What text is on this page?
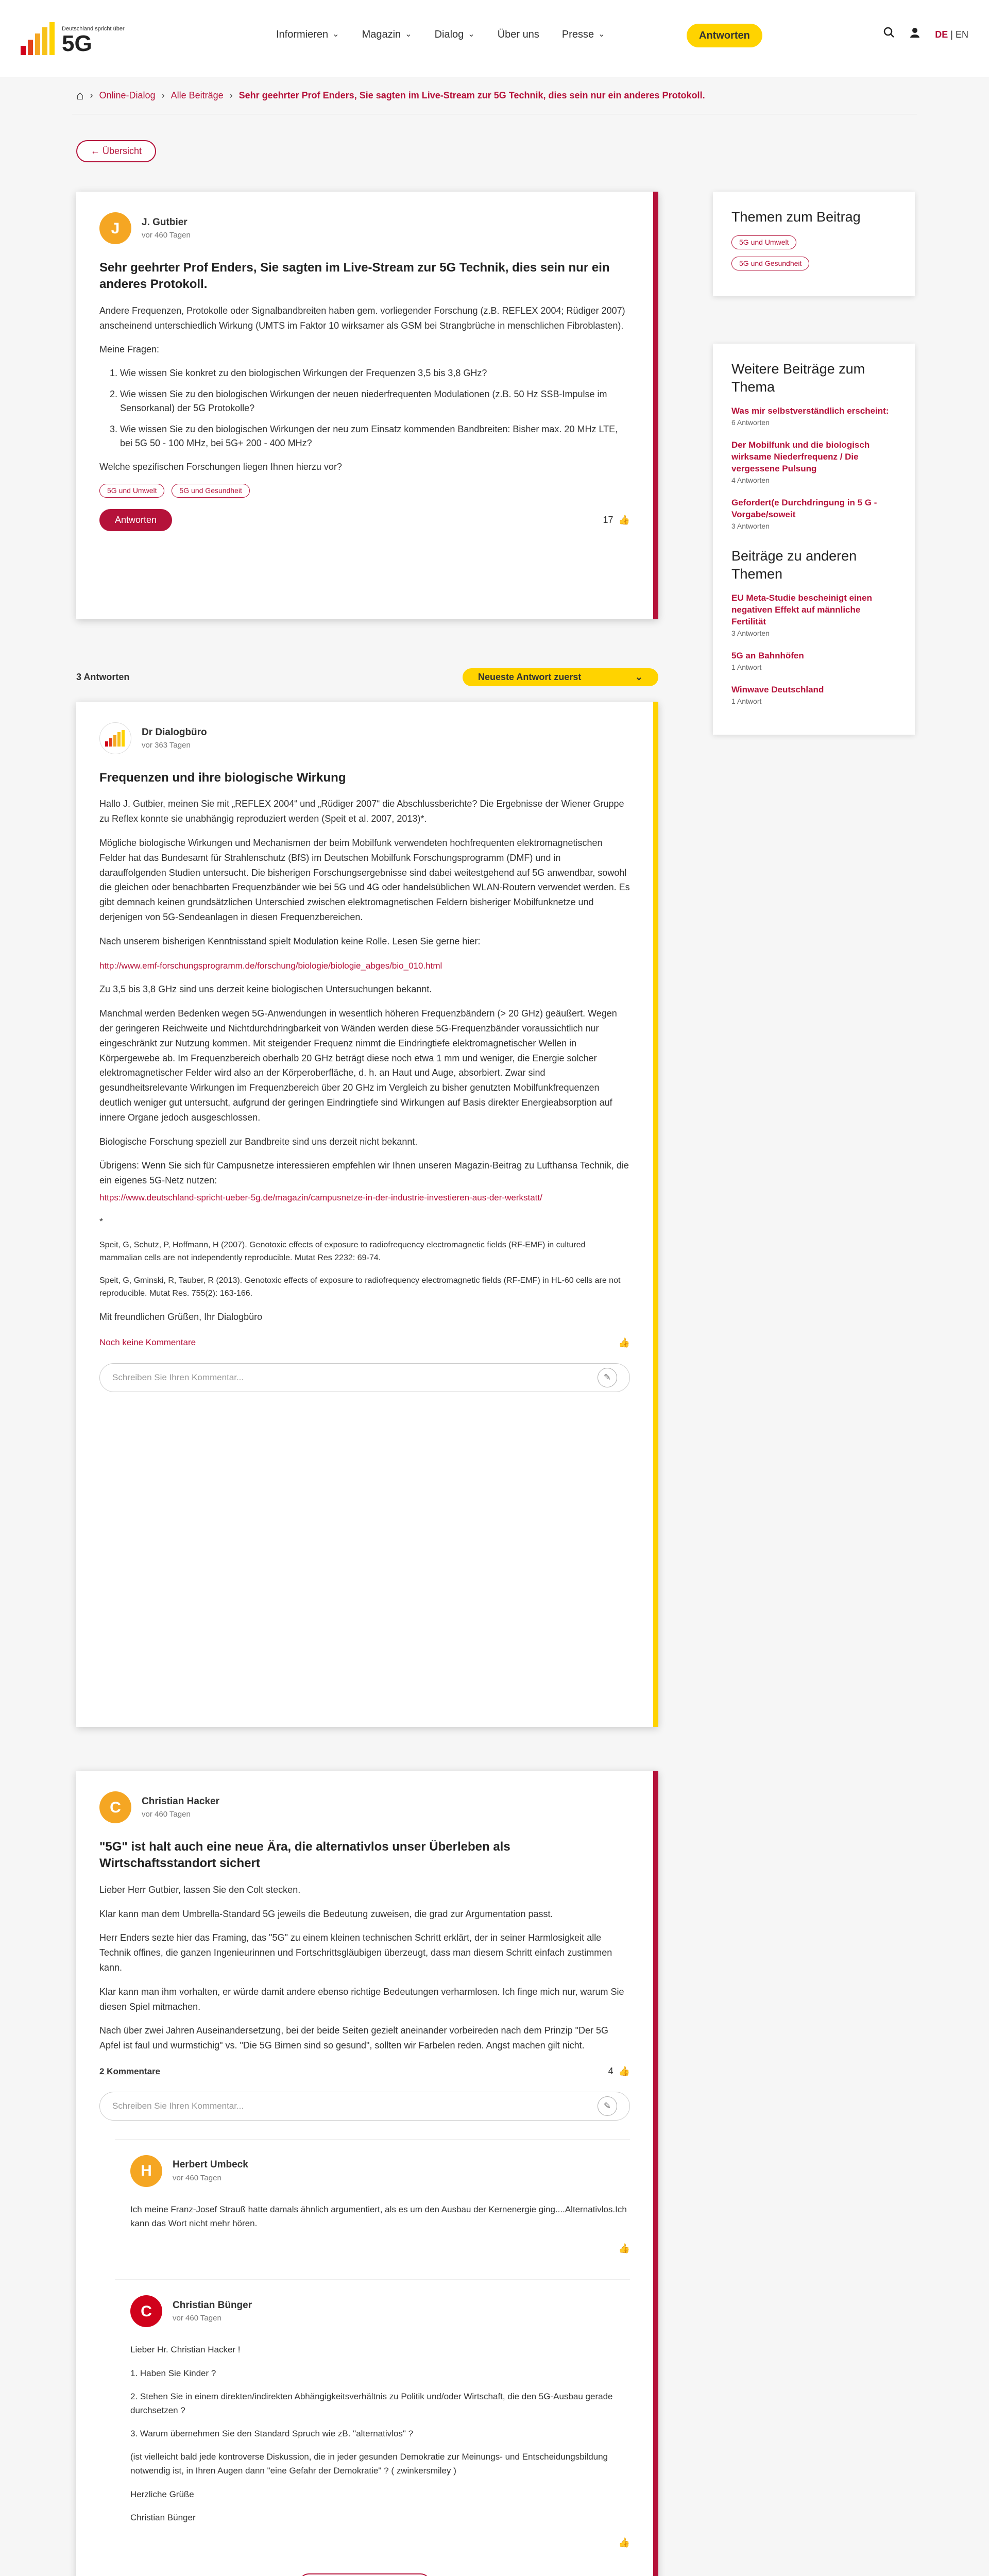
Deutschland spricht über
5G	Informieren ⌄ Magazin ⌄ Dialog ⌄ Über uns Presse ⌄	Antworten	DE | EN
⌂ › Online-Dialog › Alle Beiträge › Sehr geehrter Prof Enders, Sie sagten im Live-Stream zur 5G Technik, dies sein nur ein anderes Protokoll.
← Übersicht
J	J. Gutbier
vor 460 Tagen
Sehr geehrter Prof Enders, Sie sagten im Live-Stream zur 5G Technik, dies sein nur ein anderes Protokoll.

Andere Frequenzen, Protokolle oder Signalbandbreiten haben gem. vorliegender Forschung (z.B. REFLEX 2004; Rüdiger 2007) anscheinend unterschiedlich Wirkung (UMTS im Faktor 10 wirksamer als GSM bei Strangbrüche in menschlichen Fibroblasten).

Meine Fragen:

1. Wie wissen Sie konkret zu den biologischen Wirkungen der Frequenzen 3,5 bis 3,8 GHz?
2. Wie wissen Sie zu den biologischen Wirkungen der neuen niederfrequenten Modulationen (z.B. 50 Hz SSB-Impulse im Sensorkanal) der 5G Protokolle?
3. Wie wissen Sie zu den biologischen Wirkungen der neu zum Einsatz kommenden Bandbreiten: Bisher max. 20 MHz LTE, bei 5G 50 - 100 MHz, bei 5G+ 200 - 400 MHz?

Welche spezifischen Forschungen liegen Ihnen hierzu vor?

5G und Umwelt	5G und Gesundheit
Antworten	17 👍
3 Antworten	Neueste Antwort zuerst	⌄
Dr Dialogbüro
vor 363 Tagen
Frequenzen und ihre biologische Wirkung

Hallo J. Gutbier, meinen Sie mit „REFLEX 2004“ und „Rüdiger 2007“ die Abschlussberichte? Die Ergebnisse der Wiener Gruppe zu Reflex konnte sie unabhängig reproduziert werden (Speit et al. 2007, 2013)*.

Mögliche biologische Wirkungen und Mechanismen der beim Mobilfunk verwendeten hochfrequenten elektromagnetischen Felder hat das Bundesamt für Strahlenschutz (BfS) im Deutschen Mobilfunk Forschungsprogramm (DMF) und in darauffolgenden Studien untersucht. Die bisherigen Forschungsergebnisse sind dabei weitestgehend auf 5G anwendbar, sowohl die gleichen oder benachbarten Frequenzbänder wie bei 5G und 4G oder handelsüblichen WLAN-Routern verwendet werden. Es gibt demnach keinen grundsätzlichen Unterschied zwischen elektromagnetischen Feldern bisheriger Mobilfunknetze und derjenigen von 5G-Sendeanlagen in diesen Frequenzbereichen.

Nach unserem bisherigen Kenntnisstand spielt Modulation keine Rolle. Lesen Sie gerne hier:

http://www.emf-forschungsprogramm.de/forschung/biologie/biologie_abges/bio_010.html

Zu 3,5 bis 3,8 GHz sind uns derzeit keine biologischen Untersuchungen bekannt.

Manchmal werden Bedenken wegen 5G-Anwendungen in wesentlich höheren Frequenzbändern (> 20 GHz) geäußert. Wegen der geringeren Reichweite und Nichtdurchdringbarkeit von Wänden werden diese 5G-Frequenzbänder voraussichtlich nur eingeschränkt zur Nutzung kommen. Mit steigender Frequenz nimmt die Eindringtiefe elektromagnetischer Wellen in Körpergewebe ab. Im Frequenzbereich oberhalb 20 GHz beträgt diese noch etwa 1 mm und weniger, die Energie solcher elektromagnetischer Felder wird also an der Körperoberfläche, d. h. an Haut und Auge, absorbiert. Zwar sind gesundheitsrelevante Wirkungen im Frequenzbereich über 20 GHz im Vergleich zu bisher genutzten Mobilfunkfrequenzen deutlich weniger gut untersucht, aufgrund der geringen Eindringtiefe sind Wirkungen auf Basis direkter Energieabsorption auf innere Organe jedoch ausgeschlossen.

Biologische Forschung speziell zur Bandbreite sind uns derzeit nicht bekannt.

Übrigens: Wenn Sie sich für Campusnetze interessieren empfehlen wir Ihnen unseren Magazin-Beitrag zu Lufthansa Technik, die ein eigenes 5G-Netz nutzen:

https://www.deutschland-spricht-ueber-5g.de/magazin/campusnetze-in-der-industrie-investieren-aus-der-werkstatt/

*

Speit, G, Schutz, P, Hoffmann, H (2007). Genotoxic effects of exposure to radiofrequency electromagnetic fields (RF-EMF) in cultured mammalian cells are not independently reproducible. Mutat Res 2232: 69-74.

Speit, G, Gminski, R, Tauber, R (2013). Genotoxic effects of exposure to radiofrequency electromagnetic fields (RF-EMF) in HL-60 cells are not reproducible. Mutat Res. 755(2): 163-166.

Mit freundlichen Grüßen, Ihr Dialogbüro

Noch keine Kommentare	👍
Schreiben Sie Ihren Kommentar...	✎
C	Christian Hacker
vor 460 Tagen
"5G" ist halt auch eine neue Ära, die alternativlos unser Überleben als Wirtschaftsstandort sichert

Lieber Herr Gutbier, lassen Sie den Colt stecken.

Klar kann man dem Umbrella-Standard 5G jeweils die Bedeutung zuweisen, die grad zur Argumentation passt.

Herr Enders sezte hier das Framing, das "5G" zu einem kleinen technischen Schritt erklärt, der in seiner Harmlosigkeit alle Technik offines, die ganzen Ingenieurinnen und Fortschrittsgläubigen überzeugt, dass man diesem Schritt einfach zustimmen kann.

Klar kann man ihm vorhalten, er würde damit andere ebenso richtige Bedeutungen verharmlosen. Ich finge mich nur, warum Sie diesen Spiel mitmachen.

Nach über zwei Jahren Auseinandersetzung, bei der beide Seiten gezielt aneinander vorbeireden nach dem Prinzip "Der 5G Apfel ist faul und wurmstichig" vs. "Die 5G Birnen sind so gesund", sollten wir Farbelen reden. Angst machen gilt nicht.

2 Kommentare	4 👍
Schreiben Sie Ihren Kommentar...	✎
H	Herbert Umbeck
vor 460 Tagen

Ich meine Franz-Josef Strauß hatte damals ähnlich argumentiert, als es um den Ausbau der Kernenergie ging....Alternativlos.Ich kann das Wort nicht mehr hören.

👍
C	Christian Bünger
vor 460 Tagen

Lieber Hr. Christian Hacker !

1. Haben Sie Kinder ?

2. Stehen Sie in einem direkten/indirekten Abhängigkeitsverhältnis zu Politik und/oder Wirtschaft, die den 5G-Ausbau gerade durchsetzen ?

3. Warum übernehmen Sie den Standard Spruch wie zB. "alternativlos" ?

(ist vielleicht bald jede kontroverse Diskussion, die in jeder gesunden Demokratie zur Meinungs- und Entscheidungsbildung notwendig ist, in Ihren Augen dann "eine Gefahr der Demokratie" ? ( zwinkersmiley )

Herzliche Grüße

Christian Bünger

👍

Themen zum Beitrag
5G und Umwelt
5G und Gesundheit
Weitere Beiträge zum Thema
Was mir selbstverständlich erscheint:
6 Antworten
Der Mobilfunk und die biologisch wirksame Niederfrequenz / Die vergessene Pulsung
4 Antworten
Gefordert(e Durchdringung in 5 G - Vorgabe/soweit
3 Antworten
Beiträge zu anderen Themen
EU Meta-Studie bescheinigt einen negativen Effekt auf männliche Fertilität
3 Antworten
5G an Bahnhöfen
1 Antwort
Winwave Deutschland
1 Antwort
